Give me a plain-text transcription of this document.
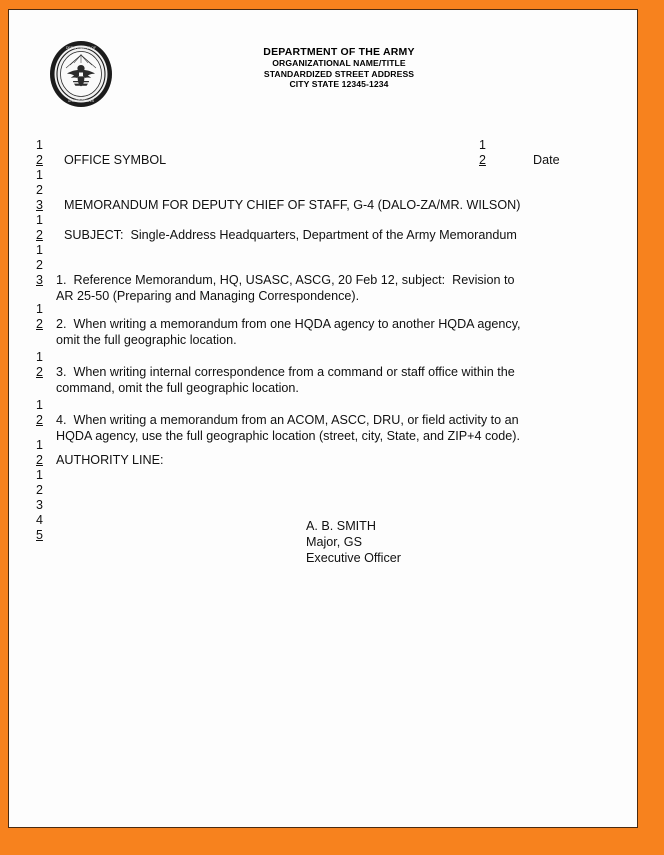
DEPARTMENT OF
UNITED STATES
DEPARTMENT OF THE ARMY
ORGANIZATIONAL NAME/TITLE
STANDARDIZED STREET ADDRESS
CITY STATE 12345-1234
1
2
1
2
3
1
2
1
2
3
1
2
1
2
1
2
1
2
1
2
3
4
5
1
2
OFFICE SYMBOL	Date
MEMORANDUM FOR DEPUTY CHIEF OF STAFF, G-4 (DALO-ZA/MR. WILSON)
SUBJECT:  Single-Address Headquarters, Department of the Army Memorandum
1.  Reference Memorandum, HQ, USASC, ASCG, 20 Feb 12, subject:  Revision to
AR 25-50 (Preparing and Managing Correspondence).
2.  When writing a memorandum from one HQDA agency to another HQDA agency,
omit the full geographic location.
3.  When writing internal correspondence from a command or staff office within the
command, omit the full geographic location.
4.  When writing a memorandum from an ACOM, ASCC, DRU, or field activity to an
HQDA agency, use the full geographic location (street, city, State, and ZIP+4 code).
AUTHORITY LINE:
A. B. SMITH
Major, GS
Executive Officer
